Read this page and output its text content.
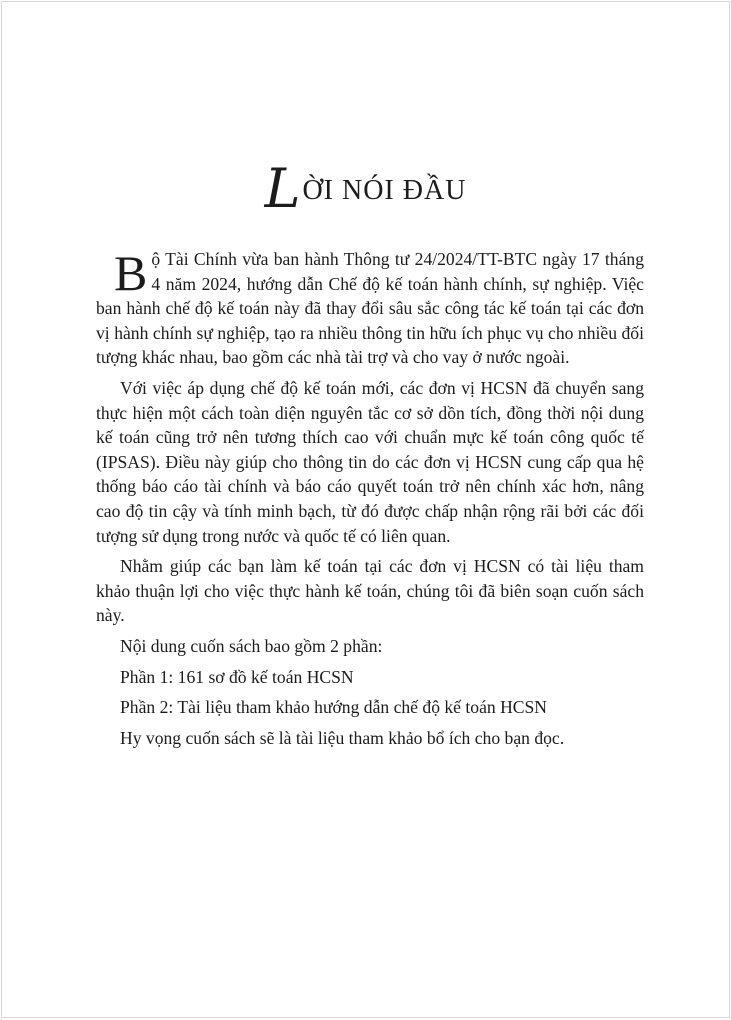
LỜI NÓI ĐẦU

Bộ Tài Chính vừa ban hành Thông tư 24/2024/TT-BTC ngày 17 tháng 4 năm 2024, hướng dẫn Chế độ kế toán hành chính, sự nghiệp. Việc ban hành chế độ kế toán này đã thay đổi sâu sắc công tác kế toán tại các đơn vị hành chính sự nghiệp, tạo ra nhiều thông tin hữu ích phục vụ cho nhiều đối tượng khác nhau, bao gồm các nhà tài trợ và cho vay ở nước ngoài.

Với việc áp dụng chế độ kế toán mới, các đơn vị HCSN đã chuyển sang thực hiện một cách toàn diện nguyên tắc cơ sở dồn tích, đồng thời nội dung kế toán cũng trở nên tương thích cao với chuẩn mực kế toán công quốc tế (IPSAS). Điều này giúp cho thông tin do các đơn vị HCSN cung cấp qua hệ thống báo cáo tài chính và báo cáo quyết toán trở nên chính xác hơn, nâng cao độ tin cậy và tính minh bạch, từ đó được chấp nhận rộng rãi bởi các đối tượng sử dụng trong nước và quốc tế có liên quan.

Nhằm giúp các bạn làm kế toán tại các đơn vị HCSN có tài liệu tham khảo thuận lợi cho việc thực hành kế toán, chúng tôi đã biên soạn cuốn sách này.

Nội dung cuốn sách bao gồm 2 phần:

Phần 1: 161 sơ đồ kế toán HCSN

Phần 2: Tài liệu tham khảo hướng dẫn chế độ kế toán HCSN

Hy vọng cuốn sách sẽ là tài liệu tham khảo bổ ích cho bạn đọc.
